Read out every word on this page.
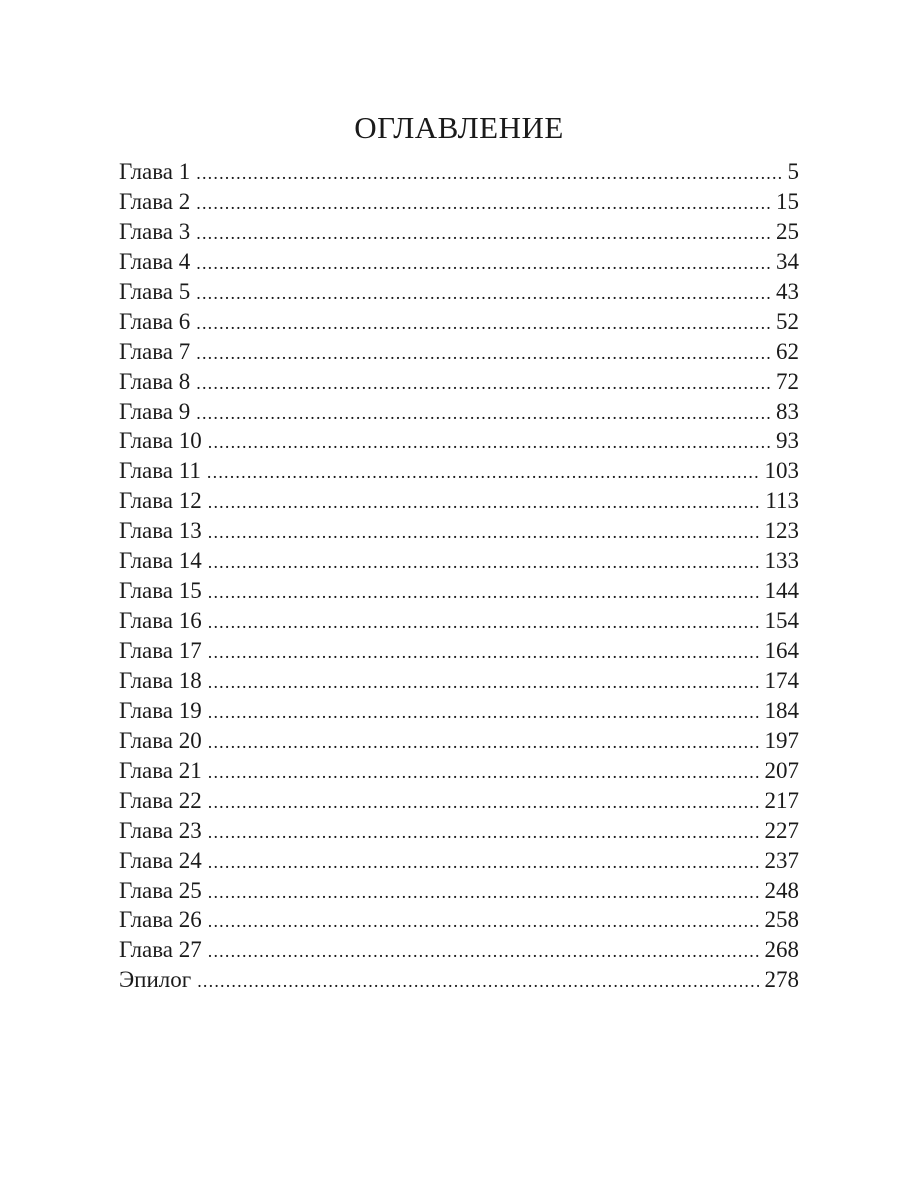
ОГЛАВЛЕНИЕ
Глава 1 .....	5
Глава 2 .....	15
Глава 3 .....	25
Глава 4 .....	34
Глава 5 .....	43
Глава 6 .....	52
Глава 7 .....	62
Глава 8 .....	72
Глава 9 .....	83
Глава 10 .....	93
Глава 11 .....	103
Глава 12 .....	113
Глава 13 .....	123
Глава 14 .....	133
Глава 15 .....	144
Глава 16 .....	154
Глава 17 .....	164
Глава 18 .....	174
Глава 19 .....	184
Глава 20 .....	197
Глава 21 .....	207
Глава 22 .....	217
Глава 23 .....	227
Глава 24 .....	237
Глава 25 .....	248
Глава 26 .....	258
Глава 27 .....	268
Эпилог .....	278
